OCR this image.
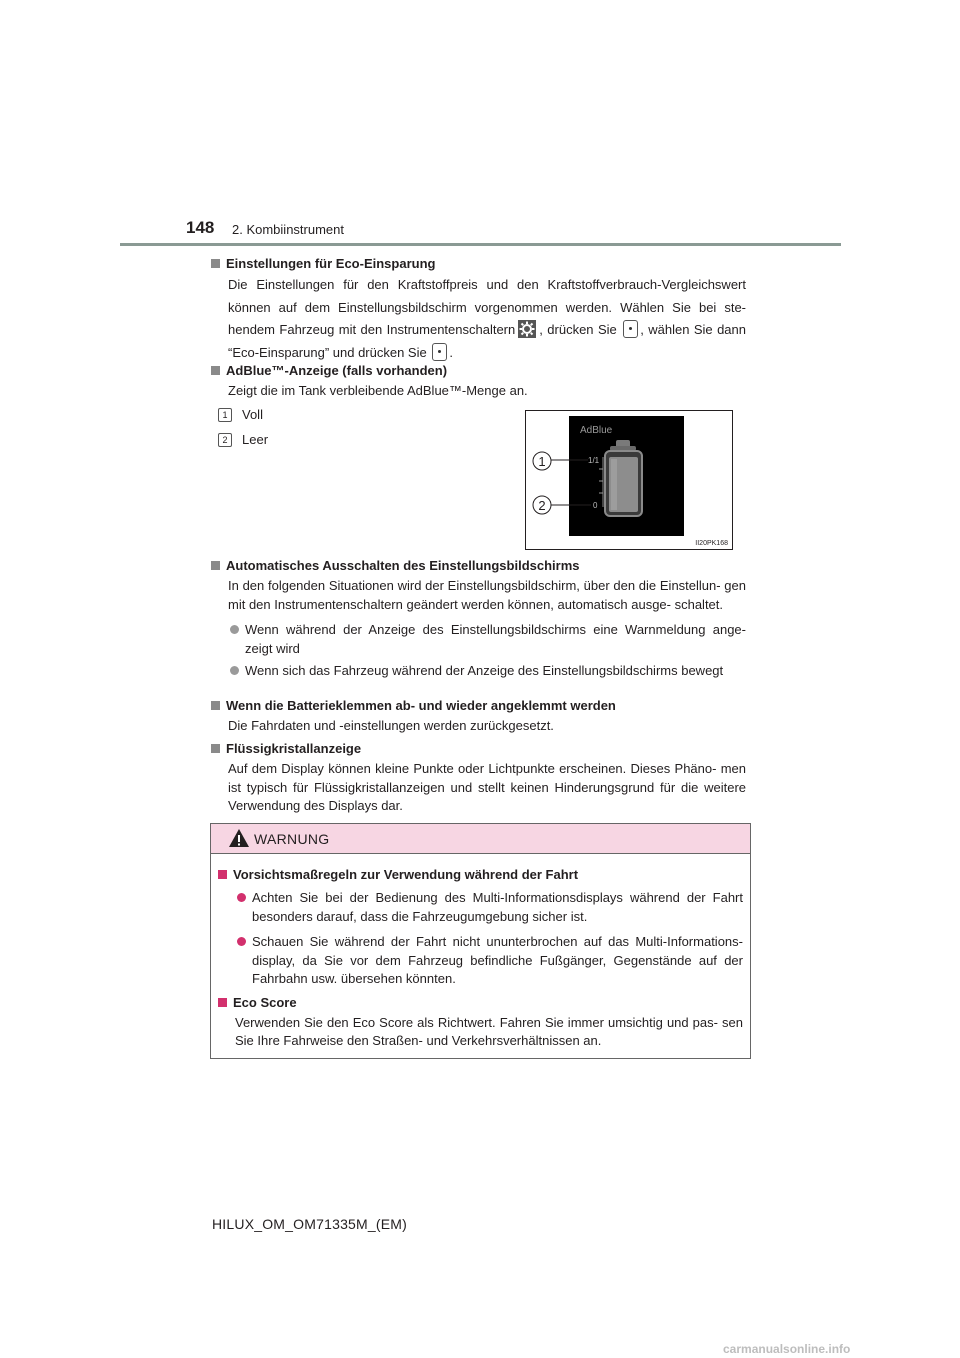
148 2. Kombiinstrument

Einstellungen für Eco-Einsparung

Die Einstellungen für den Kraftstoffpreis und den Kraftstoffverbrauch-Vergleichswert können auf dem Einstellungsbildschirm vorgenommen werden. Wählen Sie bei ste- hendem Fahrzeug mit den Instrumentenschaltern , drücken Sie , wählen Sie dann “Eco-Einsparung” und drücken Sie .

AdBlue™-Anzeige (falls vorhanden)

Zeigt die im Tank verbleibende AdBlue™-Menge an.

1 Voll
2 Leer
AdBlue
1/1
0
1
2
II20PK168

Automatisches Ausschalten des Einstellungsbildschirms

In den folgenden Situationen wird der Einstellungsbildschirm, über den die Einstellun- gen mit den Instrumentenschaltern geändert werden können, automatisch ausge- schaltet.

Wenn während der Anzeige des Einstellungsbildschirms eine Warnmeldung ange- zeigt wird

Wenn sich das Fahrzeug während der Anzeige des Einstellungsbildschirms bewegt

Wenn die Batterieklemmen ab- und wieder angeklemmt werden

Die Fahrdaten und -einstellungen werden zurückgesetzt.

Flüssigkristallanzeige

Auf dem Display können kleine Punkte oder Lichtpunkte erscheinen. Dieses Phäno- men ist typisch für Flüssigkristallanzeigen und stellt keinen Hinderungsgrund für die weitere Verwendung des Displays dar.

WARNUNG

Vorsichtsmaßregeln zur Verwendung während der Fahrt

Achten Sie bei der Bedienung des Multi-Informationsdisplays während der Fahrt besonders darauf, dass die Fahrzeugumgebung sicher ist.

Schauen Sie während der Fahrt nicht ununterbrochen auf das Multi-Informations- display, da Sie vor dem Fahrzeug befindliche Fußgänger, Gegenstände auf der Fahrbahn usw. übersehen könnten.

Eco Score

Verwenden Sie den Eco Score als Richtwert. Fahren Sie immer umsichtig und pas- sen Sie Ihre Fahrweise den Straßen- und Verkehrsverhältnissen an.

HILUX_OM_OM71335M_(EM)
carmanualsonline.info
